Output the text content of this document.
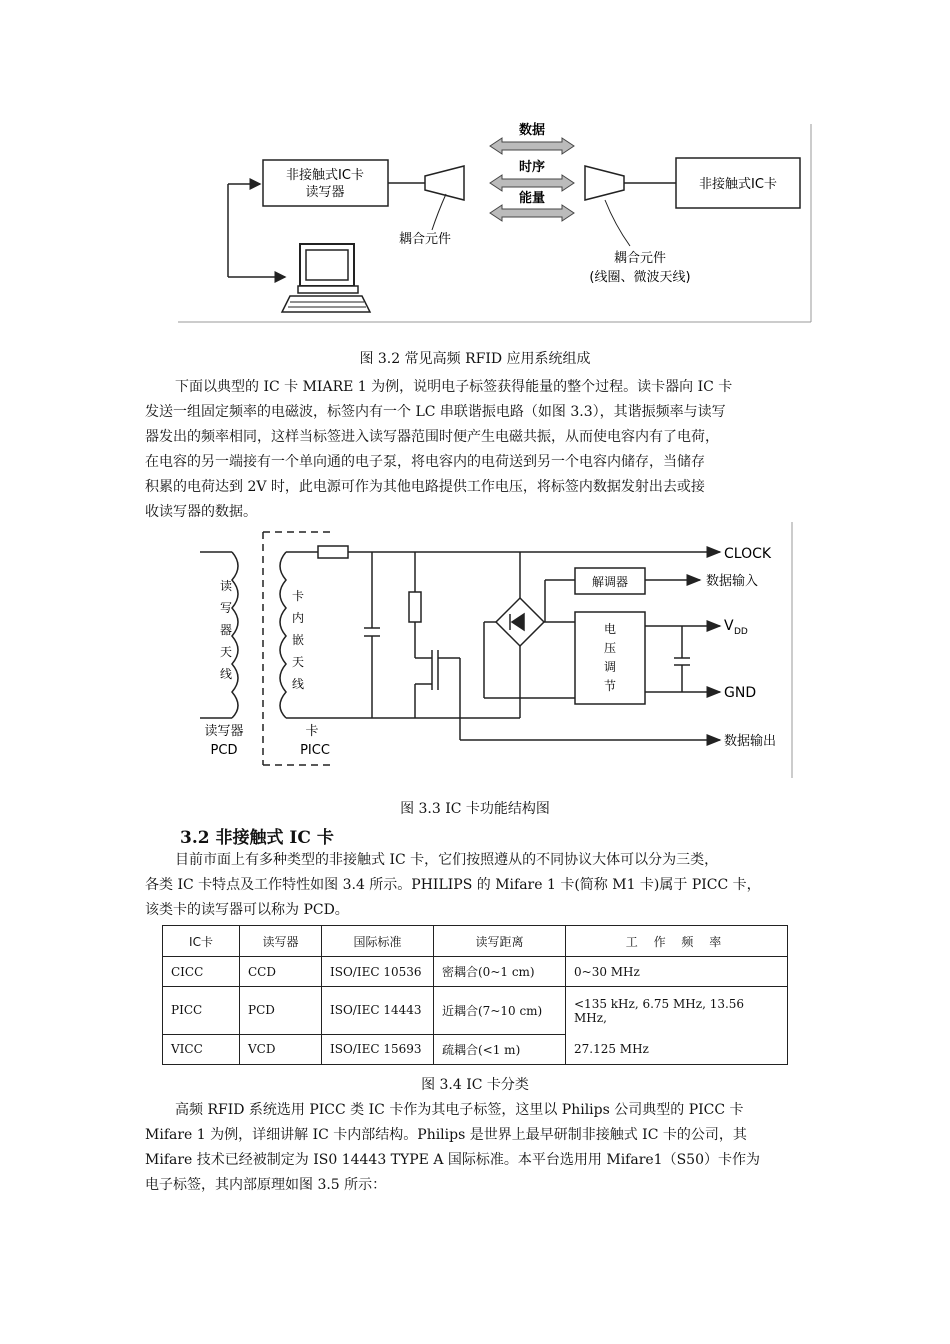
非接触式IC卡
读写器
耦合元件
数据
时序
能量
耦合元件
(线圈、微波天线)
非接触式IC卡
图 3.2 常见高频 RFID 应用系统组成

下面以典型的 IC 卡 MIARE 1 为例，说明电子标签获得能量的整个过程。读卡器向 IC 卡

发送一组固定频率的电磁波，标签内有一个 LC 串联谐振电路（如图 3.3），其谐振频率与读写

器发出的频率相同，这样当标签进入读写器范围时便产生电磁共振，从而使电容内有了电荷，

在电容的另一端接有一个单向通的电子泵，将电容内的电荷送到另一个电容内储存，当储存

积累的电荷达到 2V 时，此电源可作为其他电路提供工作电压，将标签内数据发射出去或接

收读写器的数据。

读
写
器
天
线
卡
内
嵌
天
线
解调器
电
压
调
节
CLOCK
数据输入
V DD
GND
数据输出
读写器
PCD
卡
PICC
图 3.3 IC 卡功能结构图
3.2 非接触式 IC 卡

目前市面上有多种类型的非接触式 IC 卡，它们按照遵从的不同协议大体可以分为三类，

各类 IC 卡特点及工作特性如图 3.4 所示。PHILIPS 的 Mifare 1 卡(简称 M1 卡)属于 PICC 卡，

该类卡的读写器可以称为 PCD。

IC卡	读写器	国际标准	读写距离	工 作 频 率
CICC	CCD	ISO/IEC 10536	密耦合(0~1 cm)	0~30 MHz
PICC	PCD	ISO/IEC 14443	近耦合(7~10 cm)	<135 kHz, 6.75 MHz, 13.56 MHz,
VICC	VCD	ISO/IEC 15693	疏耦合(<1 m)	27.125 MHz
图 3.4 IC 卡分类

高频 RFID 系统选用 PICC 类 IC 卡作为其电子标签，这里以 Philips 公司典型的 PICC 卡

Mifare 1 为例，详细讲解 IC 卡内部结构。Philips 是世界上最早研制非接触式 IC 卡的公司，其

Mifare 技术已经被制定为 IS0 14443 TYPE A 国际标准。本平台选用用 Mifare1（S50）卡作为

电子标签，其内部原理如图 3.5 所示：
